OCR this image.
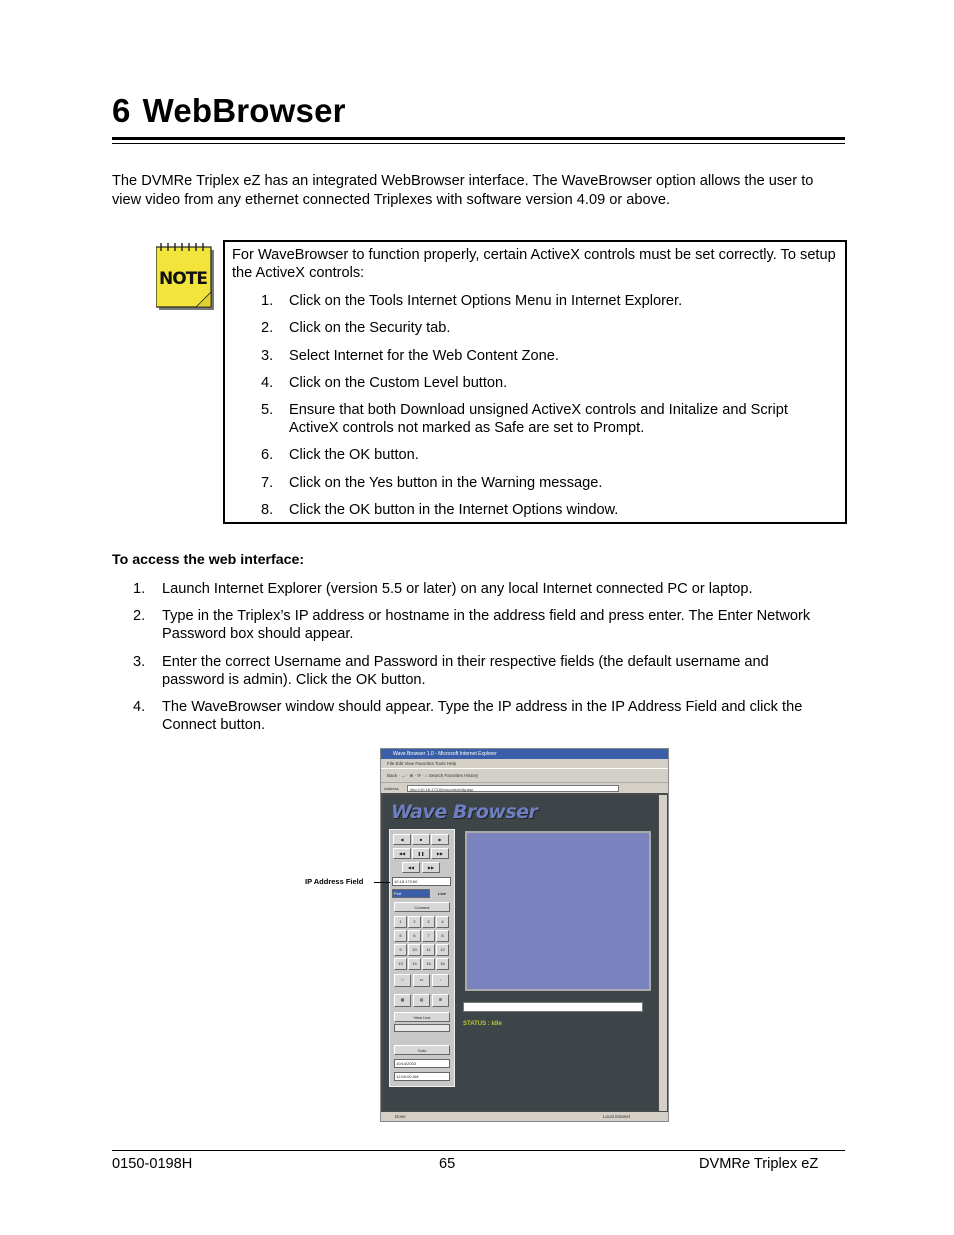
6 WebBrowser
The DVMRe Triplex eZ has an integrated WebBrowser interface. The WaveBrowser option allows the user to view video from any ethernet connected Triplexes with software version 4.09 or above.
NOTE
For WaveBrowser to function properly, certain ActiveX controls must be set correctly. To setup the ActiveX controls:
1.	Click on the Tools Internet Options Menu in Internet Explorer.
2.	Click on the Security tab.
3.	Select Internet for the Web Content Zone.
4.	Click on the Custom Level button.
5.	Ensure that both Download unsigned ActiveX controls and Initalize and Script ActiveX controls not marked as Safe are set to Prompt.
6.	Click the OK button.
7.	Click on the Yes button in the Warning message.
8.	Click the OK button in the Internet Options window.
To access the web interface:
1.	Launch Internet Explorer (version 5.5 or later) on any local Internet connected PC or laptop.
2.	Type in the Triplex’s IP address or hostname in the address field and press enter. The Enter Network Password box should appear.
3.	Enter the correct Username and Password in their respective fields (the default username and password is admin). Click the OK button.
4.	The WaveBrowser window should appear. Type the IP address in the IP Address Field and click the Connect button.
Wave Browser 1.0 - Microsoft Internet Explorer
File Edit View Favorites Tools Help
Back · → · ⊗ · ⟳ · ⌂ Search Favorites History
Address	http://10.18.173.60/wcontrol/dlg.asp
Wave Browser
◀	■	▶
◀◀	❚❚	▶▶
◀◀	▶▶
10.18.173.60
Port	Live
Connect
1	2	3	4
5	6	7	8
9	10	11	12
13	14	15	16
□	▭	▫
▦	▤	⊞
View Live
Goto
10/14/2003
12:00:00 AM
STATUS : Idle
Done	Local intranet
IP Address Field
0150-0198H	65	DVMRe Triplex eZ
